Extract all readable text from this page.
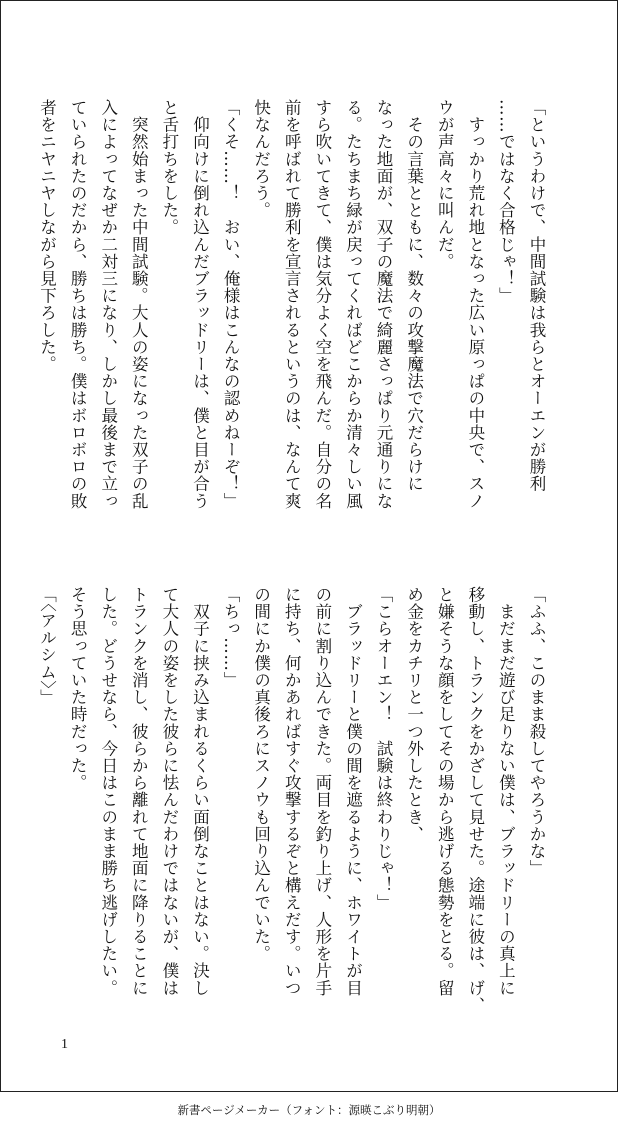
「というわけで、中間試験は我らとオーエンが勝利

……ではなく合格じゃ！」

　すっかり荒れ地となった広い原っぱの中央で、スノ

ウが声高々に叫んだ。

　その言葉とともに、数々の攻撃魔法で穴だらけに

なった地面が、双子の魔法で綺麗さっぱり元通りにな

る。たちまち緑が戻ってくればどこからか清々しい風

すら吹いてきて、僕は気分よく空を飛んだ。自分の名

前を呼ばれて勝利を宣言されるというのは、なんて爽

快なんだろう。

「くそ……！　おい、俺様はこんなの認めねーぞ！」

　仰向けに倒れ込んだブラッドリーは、僕と目が合う

と舌打ちをした。

　突然始まった中間試験。大人の姿になった双子の乱

入によってなぜか二対三になり、しかし最後まで立っ

ていられたのだから、勝ちは勝ち。僕はボロボロの敗

者をニヤニヤしながら見下ろした。

「ふふ、このまま殺してやろうかな」

　まだまだ遊び足りない僕は、ブラッドリーの真上に

移動し、トランクをかざして見せた。途端に彼は、げ、

と嫌そうな顔をしてその場から逃げる態勢をとる。留

め金をカチリと一つ外したとき、

「こらオーエン！　試験は終わりじゃ！」

　ブラッドリーと僕の間を遮るように、ホワイトが目

の前に割り込んできた。両目を釣り上げ、人形を片手

に持ち、何かあればすぐ攻撃するぞと構えだす。いつ

の間にか僕の真後ろにスノウも回り込んでいた。

「ちっ……」

　双子に挟み込まれるくらい面倒なことはない。決し

て大人の姿をした彼らに怯んだわけではないが、僕は

トランクを消し、彼らから離れて地面に降りることに

した。どうせなら、今日はこのまま勝ち逃げしたい。

そう思っていた時だった。

「〈アルシム〉」

1
新書ページメーカー（フォント：源暎こぶり明朝）
